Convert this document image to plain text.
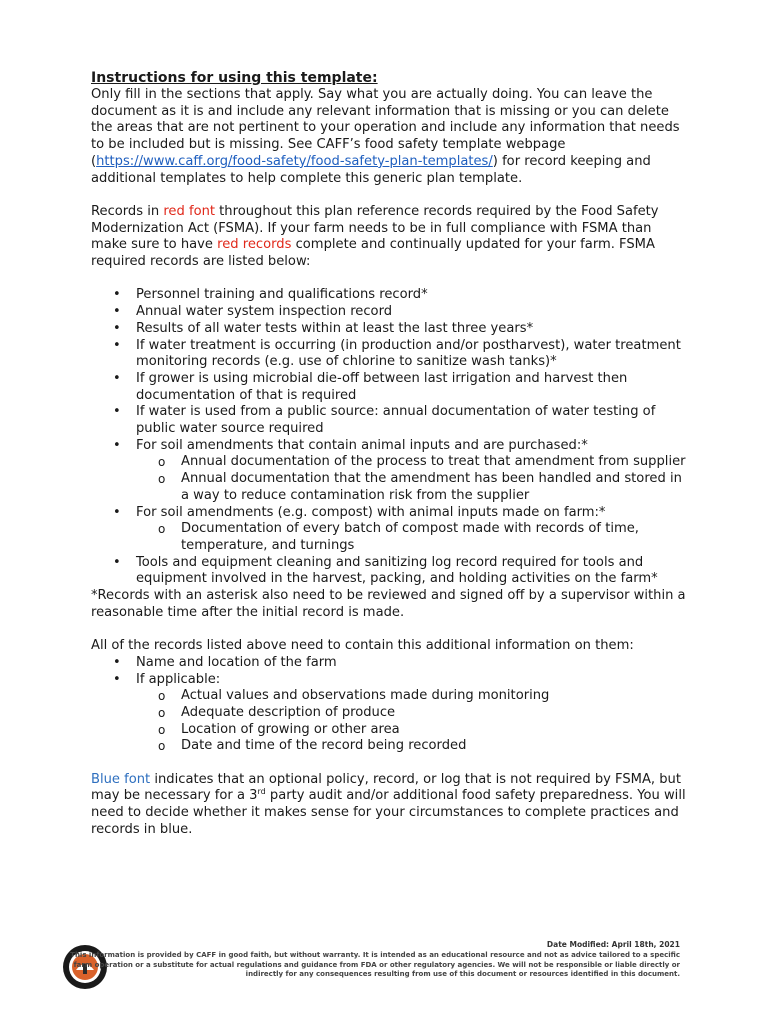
Instructions for using this template:

Only fill in the sections that apply. Say what you are actually doing. You can leave the document as it is and include any relevant information that is missing or you can delete the areas that are not pertinent to your operation and include any information that needs to be included but is missing. See CAFF’s food safety template webpage (https://www.caff.org/food-safety/food-safety-plan-templates/) for record keeping and additional templates to help complete this generic plan template.

Records in red font throughout this plan reference records required by the Food Safety Modernization Act (FSMA). If your farm needs to be in full compliance with FSMA than make sure to have red records complete and continually updated for your farm. FSMA required records are listed below:

• Personnel training and qualifications record*
• Annual water system inspection record
• Results of all water tests within at least the last three years*
• If water treatment is occurring (in production and/or postharvest), water treatment monitoring records (e.g. use of chlorine to sanitize wash tanks)*
• If grower is using microbial die-off between last irrigation and harvest then documentation of that is required
• If water is used from a public source: annual documentation of water testing of public water source required
• For soil amendments that contain animal inputs and are purchased:*
o Annual documentation of the process to treat that amendment from supplier
o Annual documentation that the amendment has been handled and stored in a way to reduce contamination risk from the supplier
• For soil amendments (e.g. compost) with animal inputs made on farm:*
o Documentation of every batch of compost made with records of time, temperature, and turnings
• Tools and equipment cleaning and sanitizing log record required for tools and equipment involved in the harvest, packing, and holding activities on the farm*

*Records with an asterisk also need to be reviewed and signed off by a supervisor within a reasonable time after the initial record is made.

All of the records listed above need to contain this additional information on them:

• Name and location of the farm
• If applicable:
o Actual values and observations made during monitoring
o Adequate description of produce
o Location of growing or other area
o Date and time of the record being recorded

Blue font indicates that an optional policy, record, or log that is not required by FSMA, but may be necessary for a 3rd party audit and/or additional food safety preparedness. You will need to decide whether it makes sense for your circumstances to complete practices and records in blue.

Date Modified: April 18th, 2021
This information is provided by CAFF in good faith, but without warranty. It is intended as an educational resource and not as advice tailored to a specific farm operation or a substitute for actual regulations and guidance from FDA or other regulatory agencies. We will not be responsible or liable directly or indirectly for any consequences resulting from use of this document or resources identified in this document.
